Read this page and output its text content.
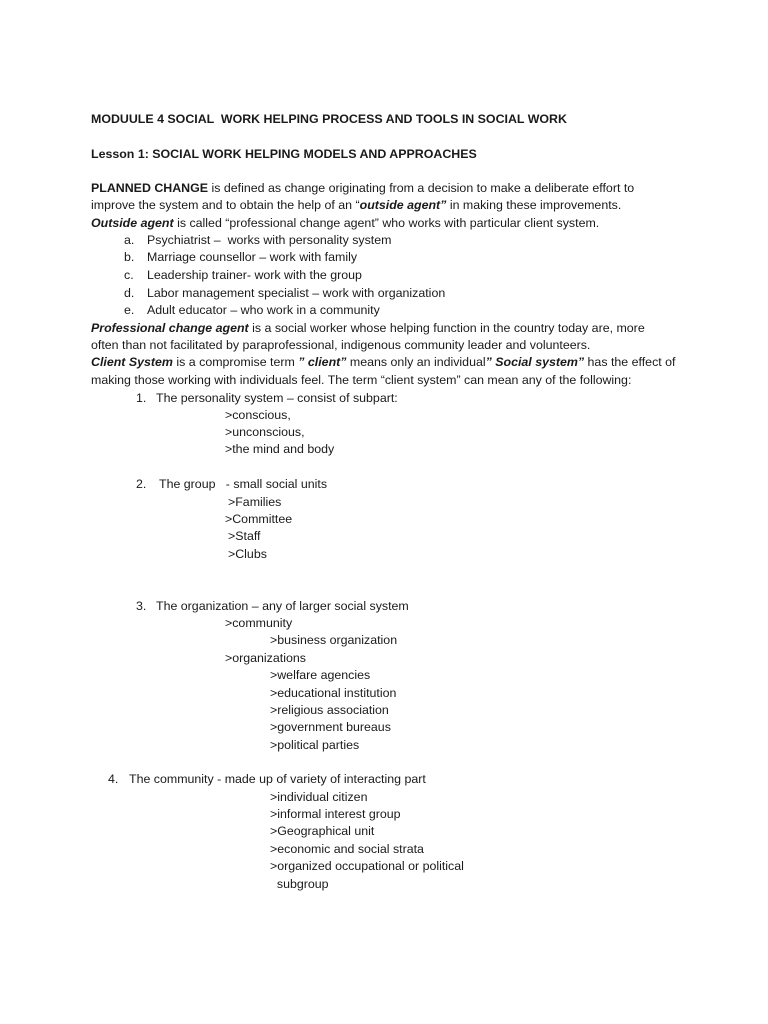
MODUULE 4 SOCIAL  WORK HELPING PROCESS AND TOOLS IN SOCIAL WORK
Lesson 1: SOCIAL WORK HELPING MODELS AND APPROACHES
PLANNED CHANGE is defined as change originating from a decision to make a deliberate effort to
improve the system and to obtain the help of an “outside agent” in making these improvements.
Outside agent is called “professional change agent” who works with particular client system.
a. Psychiatrist –  works with personality system
b. Marriage counsellor – work with family
c. Leadership trainer- work with the group
d. Labor management specialist – work with organization
e. Adult educator – who work in a community
Professional change agent is a social worker whose helping function in the country today are, more
often than not facilitated by paraprofessional, indigenous community leader and volunteers.
Client System is a compromise term ” client” means only an individual” Social system” has the effect of
making those working with individuals feel. The term “client system” can mean any of the following:
1. The personality system – consist of subpart:
>conscious,
>unconscious,
>the mind and body
2. The group   - small social units
>Families
>Committee
>Staff
>Clubs
3. The organization – any of larger social system
>community
>business organization
>organizations
>welfare agencies
>educational institution
>religious association
>government bureaus
>political parties
4. The community - made up of variety of interacting part
>individual citizen
>informal interest group
>Geographical unit
>economic and social strata
>organized occupational or political
subgroup
